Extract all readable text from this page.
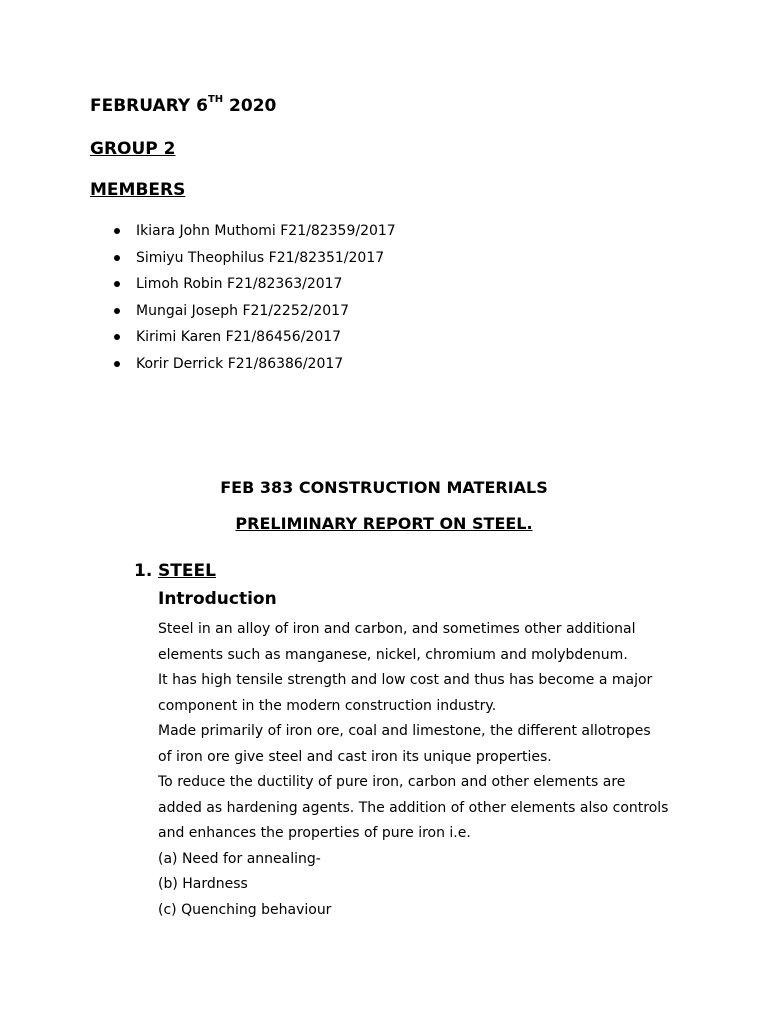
FEBRUARY 6TH 2020
GROUP 2
MEMBERS
Ikiara John Muthomi F21/82359/2017
Simiyu Theophilus F21/82351/2017
Limoh Robin F21/82363/2017
Mungai Joseph F21/2252/2017
Kirimi Karen F21/86456/2017
Korir Derrick F21/86386/2017
FEB 383 CONSTRUCTION MATERIALS
PRELIMINARY REPORT ON STEEL.
1. STEEL
Introduction
Steel in an alloy of iron and carbon, and sometimes other additional
elements such as manganese, nickel, chromium and molybdenum.
It has high tensile strength and low cost and thus has become a major
component in the modern construction industry.
Made primarily of iron ore, coal and limestone, the different allotropes
of iron ore give steel and cast iron its unique properties.
To reduce the ductility of pure iron, carbon and other elements are
added as hardening agents. The addition of other elements also controls
and enhances the properties of pure iron i.e.
(a) Need for annealing-
(b) Hardness
(c) Quenching behaviour
